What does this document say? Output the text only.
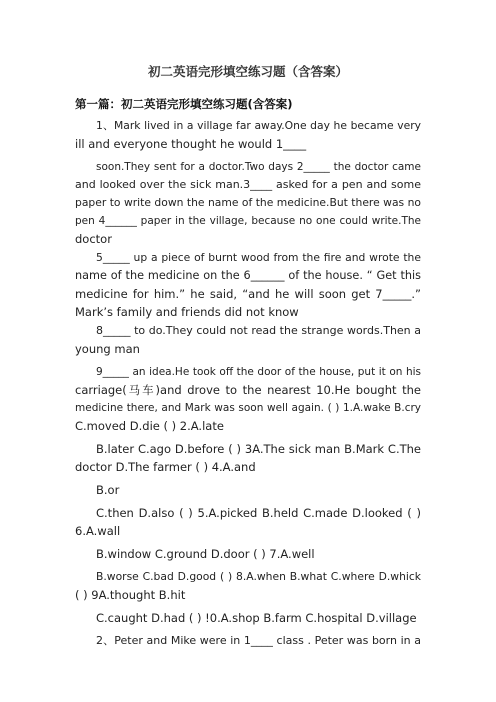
初二英语完形填空练习题（含答案）
第一篇：初二英语完形填空练习题(含答案)
1、Mark lived in a village far away.One day he became very
ill and everyone thought he would 1____
soon.They sent for a doctor.Two days 2_____ the doctor came
and looked over the sick man.3____ asked for a pen and some
paper to write down the name of the medicine.But there was no
pen 4______ paper in the village, because no one could write.The
doctor
5_____ up a piece of burnt wood from the fire and wrote the
name of the medicine on the 6______ of the house. “ Get this
medicine for him.” he said, “and he will soon get 7_____.”
Mark’s family and friends did not know
8_____ to do.They could not read the strange words.Then a
young man
9_____ an idea.He took off the door of the house, put it on his
carriage(马车)and drove to the nearest 10.He bought the
medicine there, and Mark was soon well again. ( ) 1.A.wake B.cry
C.moved D.die ( ) 2.A.late
B.later C.ago D.before ( ) 3A.The sick man B.Mark C.The
doctor D.The farmer ( ) 4.A.and
B.or
C.then D.also ( ) 5.A.picked B.held C.made D.looked ( )
6.A.wall
B.window C.ground D.door ( ) 7.A.well
B.worse C.bad D.good ( ) 8.A.when B.what C.where D.whick
( ) 9A.thought B.hit
C.caught D.had ( ) !0.A.shop B.farm C.hospital D.village
2、Peter and Mike were in 1____ class . Peter was born in a
